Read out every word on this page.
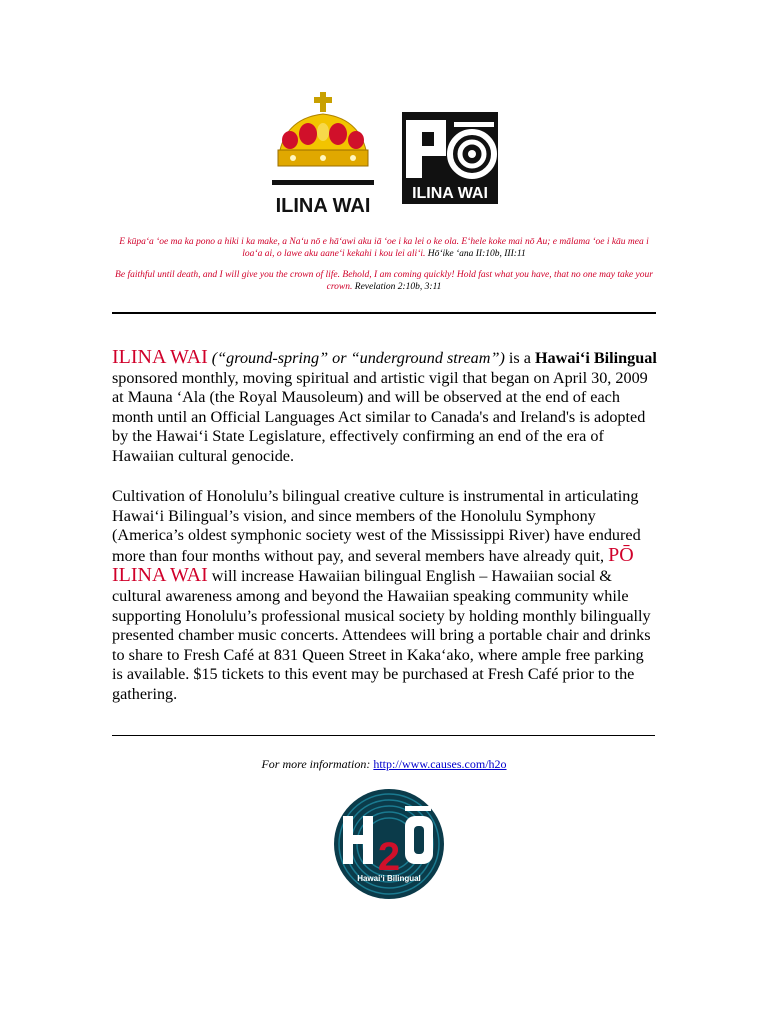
ILINA WAI
ILINA WAI
E kūpaʻa ʻoe ma ka pono a hiki i ka make, a Naʻu nō e hāʻawi aku iā ʻoe i ka lei o ke ola. Eʻhele koke mai nō Au; e mālama ʻoe i kāu mea i loaʻa ai, o lawe aku aaneʻi kekahi i kou lei aliʻi. Hōʻike ʻana II:10b, III:11
Be faithful until death, and I will give you the crown of life. Behold, I am coming quickly! Hold fast what you have, that no one may take your crown. Revelation 2:10b, 3:11

ILINA WAI (“ground-spring” or “underground stream”) is a Hawaiʻi Bilingual sponsored monthly, moving spiritual and artistic vigil that began on April 30, 2009 at Mauna ʻAla (the Royal Mausoleum) and will be observed at the end of each month until an Official Languages Act similar to Canada's and Ireland's is adopted by the Hawaiʻi State Legislature, effectively confirming an end of the era of Hawaiian cultural genocide.

Cultivation of Honolulu’s bilingual creative culture is instrumental in articulating Hawaiʻi Bilingual’s vision, and since members of the Honolulu Symphony (America’s oldest symphonic society west of the Mississippi River) have endured more than four months without pay, and several members have already quit, PŌ ILINA WAI will increase Hawaiian bilingual English – Hawaiian social & cultural awareness among and beyond the Hawaiian speaking community while supporting Honolulu’s professional musical society by holding monthly bilingually presented chamber music concerts. Attendees will bring a portable chair and drinks to share to Fresh Café at 831 Queen Street in Kakaʻako, where ample free parking is available. $15 tickets to this event may be purchased at Fresh Café prior to the gathering.

For more information: http://www.causes.com/h2o
2
Hawaiʻi Bilingual
